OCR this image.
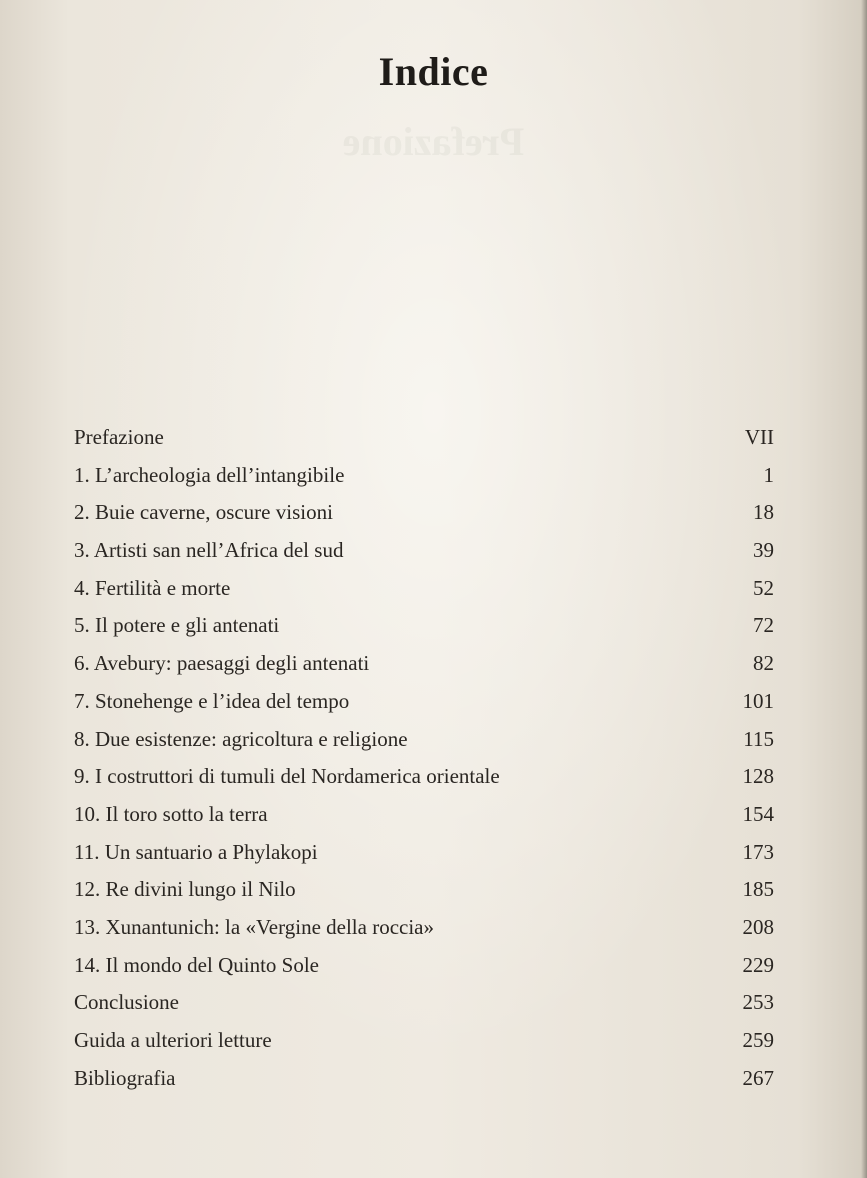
Prefazione
Indice
Prefazione	VII
1. L’archeologia dell’intangibile	1
2. Buie caverne, oscure visioni	18
3. Artisti san nell’Africa del sud	39
4. Fertilità e morte	52
5. Il potere e gli antenati	72
6. Avebury: paesaggi degli antenati	82
7. Stonehenge e l’idea del tempo	101
8. Due esistenze: agricoltura e religione	115
9. I costruttori di tumuli del Nordamerica orientale	128
10. Il toro sotto la terra	154
11. Un santuario a Phylakopi	173
12. Re divini lungo il Nilo	185
13. Xunantunich: la «Vergine della roccia»	208
14. Il mondo del Quinto Sole	229
Conclusione	253
Guida a ulteriori letture	259
Bibliografia	267
